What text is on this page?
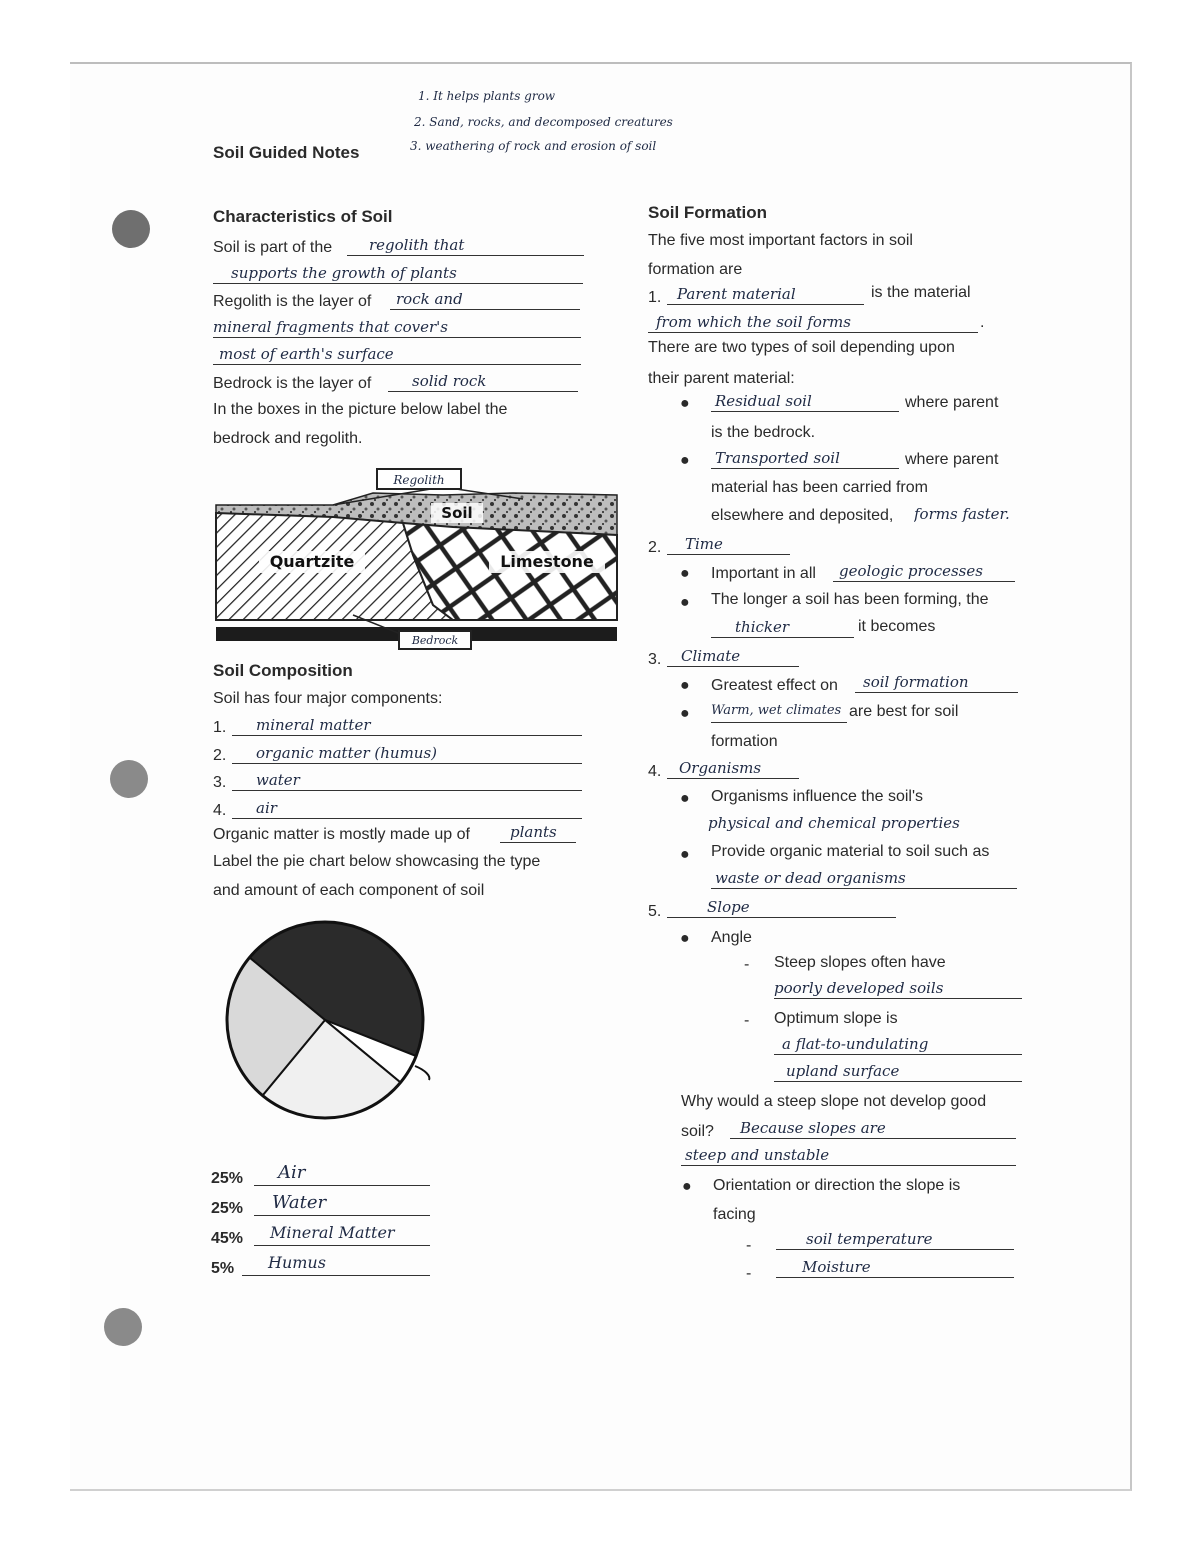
1. It helps plants grow
2. Sand, rocks, and decomposed creatures
3. weathering of rock and erosion of soil
Soil Guided Notes
Characteristics of Soil
Soil is part of the	regolith that
supports the growth of plants
Regolith is the layer of	rock and
mineral fragments that cover's
most of earth's surface
Bedrock is the layer of	solid rock
In the boxes in the picture below label the
bedrock and regolith.
Regolith
Soil
Quartzite	Limestone
Bedrock
Soil Composition
Soil has four major components:
1.	mineral matter
2.	organic matter (humus)
3.	water
4.	air
Organic matter is mostly made up of	plants
Label the pie chart below showcasing the type
and amount of each component of soil
25%	Air
25%	Water
45%	Mineral Matter
5%	Humus
Soil Formation
The five most important factors in soil
formation are
1.	Parent material	is the material
from which the soil forms	.
There are two types of soil depending upon
their parent material:
● Residual soil	where parent
is the bedrock.
● Transported soil	where parent
material has been carried from
elsewhere and deposited, forms faster.
2.	Time
● Important in all	geologic processes
● The longer a soil has been forming, the
thicker	it becomes
3.	Climate
● Greatest effect on	soil formation
● Warm, wet climates are best for soil
formation
4.	Organisms
● Organisms influence the soil's
physical and chemical properties
● Provide organic material to soil such as
waste or dead organisms
5.	Slope
● Angle
- Steep slopes often have
poorly developed soils
- Optimum slope is
a flat-to-undulating
upland surface
Why would a steep slope not develop good
soil?	Because slopes are
steep and unstable
● Orientation or direction the slope is
facing
-	soil temperature
-	Moisture
